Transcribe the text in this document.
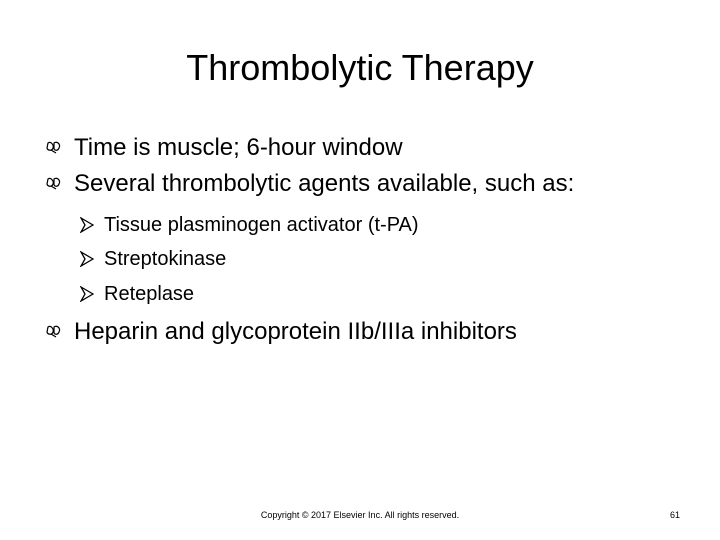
Thrombolytic Therapy
Time is muscle; 6-hour window
Several thrombolytic agents available, such as:
Tissue plasminogen activator (t-PA)
Streptokinase
Reteplase
Heparin and glycoprotein IIb/IIIa inhibitors
Copyright © 2017 Elsevier Inc. All rights reserved.	61
